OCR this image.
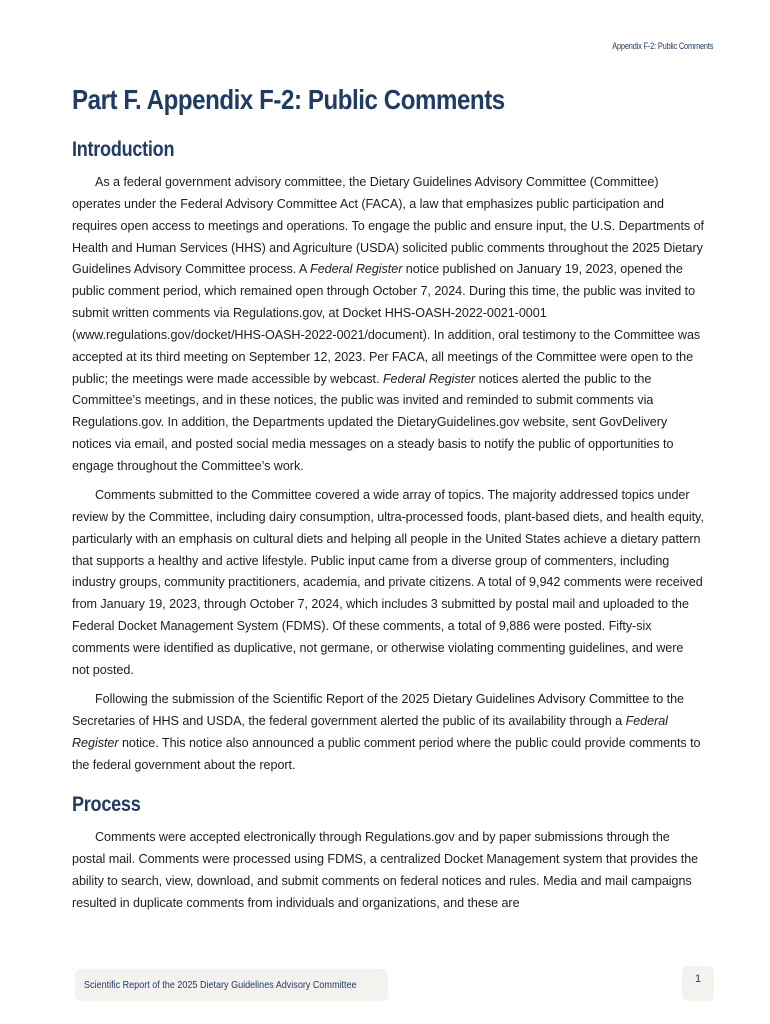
Appendix F-2: Public Comments
Part F. Appendix F-2: Public Comments
Introduction

As a federal government advisory committee, the Dietary Guidelines Advisory Committee (Committee) operates under the Federal Advisory Committee Act (FACA), a law that emphasizes public participation and requires open access to meetings and operations. To engage the public and ensure input, the U.S. Departments of Health and Human Services (HHS) and Agriculture (USDA) solicited public comments throughout the 2025 Dietary Guidelines Advisory Committee process. A Federal Register notice published on January 19, 2023, opened the public comment period, which remained open through October 7, 2024. During this time, the public was invited to submit written comments via Regulations.gov, at Docket HHS-OASH-2022-0021-0001 (www.regulations.gov/docket/HHS-OASH-2022-0021/document). In addition, oral testimony to the Committee was accepted at its third meeting on September 12, 2023. Per FACA, all meetings of the Committee were open to the public; the meetings were made accessible by webcast. Federal Register notices alerted the public to the Committee’s meetings, and in these notices, the public was invited and reminded to submit comments via Regulations.gov. In addition, the Departments updated the DietaryGuidelines.gov website, sent GovDelivery notices via email, and posted social media messages on a steady basis to notify the public of opportunities to engage throughout the Committee’s work.

Comments submitted to the Committee covered a wide array of topics. The majority addressed topics under review by the Committee, including dairy consumption, ultra-processed foods, plant-based diets, and health equity, particularly with an emphasis on cultural diets and helping all people in the United States achieve a dietary pattern that supports a healthy and active lifestyle. Public input came from a diverse group of commenters, including industry groups, community practitioners, academia, and private citizens. A total of 9,942 comments were received from January 19, 2023, through October 7, 2024, which includes 3 submitted by postal mail and uploaded to the Federal Docket Management System (FDMS). Of these comments, a total of 9,886 were posted. Fifty-six comments were identified as duplicative, not germane, or otherwise violating commenting guidelines, and were not posted.

Following the submission of the Scientific Report of the 2025 Dietary Guidelines Advisory Committee to the Secretaries of HHS and USDA, the federal government alerted the public of its availability through a Federal Register notice. This notice also announced a public comment period where the public could provide comments to the federal government about the report.

Process

Comments were accepted electronically through Regulations.gov and by paper submissions through the postal mail. Comments were processed using FDMS, a centralized Docket Management system that provides the ability to search, view, download, and submit comments on federal notices and rules. Media and mail campaigns resulted in duplicate comments from individuals and organizations, and these are

Scientific Report of the 2025 Dietary Guidelines Advisory Committee	1
